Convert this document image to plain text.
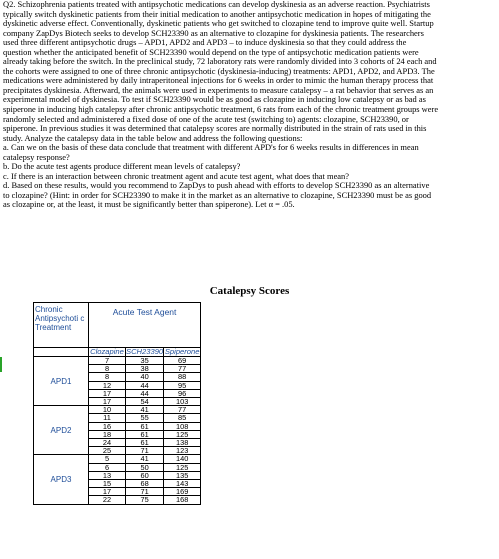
Q2. Schizophrenia patients treated with antipsychotic medications can develop dyskinesia as an adverse reaction. Psychiatrists
typically switch dyskinetic patients from their initial medication to another antipsychotic medication in hopes of mitigating the
dyskinetic adverse effect. Conventionally, dyskinetic patients who get switched to clozapine tend to improve quite well. Startup
company ZapDys Biotech seeks to develop SCH23390 as an alternative to clozapine for dyskinesia patients. The researchers
used three different antipsychotic drugs – APD1, APD2 and APD3 – to induce dyskinesia so that they could address the
question whether the anticipated benefit of SCH23390 would depend on the type of antipsychotic medication patients were
already taking before the switch. In the preclinical study, 72 laboratory rats were randomly divided into 3 cohorts of 24 each and
the cohorts were assigned to one of three chronic antipsychotic (dyskinesia-inducing) treatments: APD1, APD2, and APD3. The
medications were administered by daily intraperitoneal injections for 6 weeks in order to mimic the human therapy process that
precipitates dyskinesia. Afterward, the animals were used in experiments to measure catalepsy – a rat behavior that serves as an
experimental model of dyskinesia. To test if SCH23390 would be as good as clozapine in inducing low catalepsy or as bad as
spiperone in inducing high catalepsy after chronic antipsychotic treatment, 6 rats from each of the chronic treatment groups were
randomly selected and administered a fixed dose of one of the acute test (switching to) agents: clozapine, SCH23390, or
spiperone. In previous studies it was determined that catalepsy scores are normally distributed in the strain of rats used in this
study. Analyze the catalepsy data in the table below and address the following questions:
a. Can we on the basis of these data conclude that treatment with different APD's for 6 weeks results in differences in mean
catalepsy response?
b. Do the acute test agents produce different mean levels of catalepsy?
c. If there is an interaction between chronic treatment agent and acute test agent, what does that mean?
d. Based on these results, would you recommend to ZapDys to push ahead with efforts to develop SCH23390 as an alternative
to clozapine? (Hint: in order for SCH23390 to make it in the market as an alternative to clozapine, SCH23390 must be as good
as clozapine or, at the least, it must be significantly better than spiperone). Let α = .05.
Catalepsy Scores
Chronic Antipsychoti c Treatment	Acute Test Agent		

	Clozapine	SCH23390	Spiperone
APD1	7	35	69
	8	38	77
	8	40	88
	12	44	95
	17	44	96
	17	54	103
APD2	10	41	77
	11	55	85
	16	61	108
	18	61	125
	24	61	138
	25	71	123
APD3	5	41	140
	6	50	125
	13	60	135
	15	68	143
	17	71	169
	22	75	168
